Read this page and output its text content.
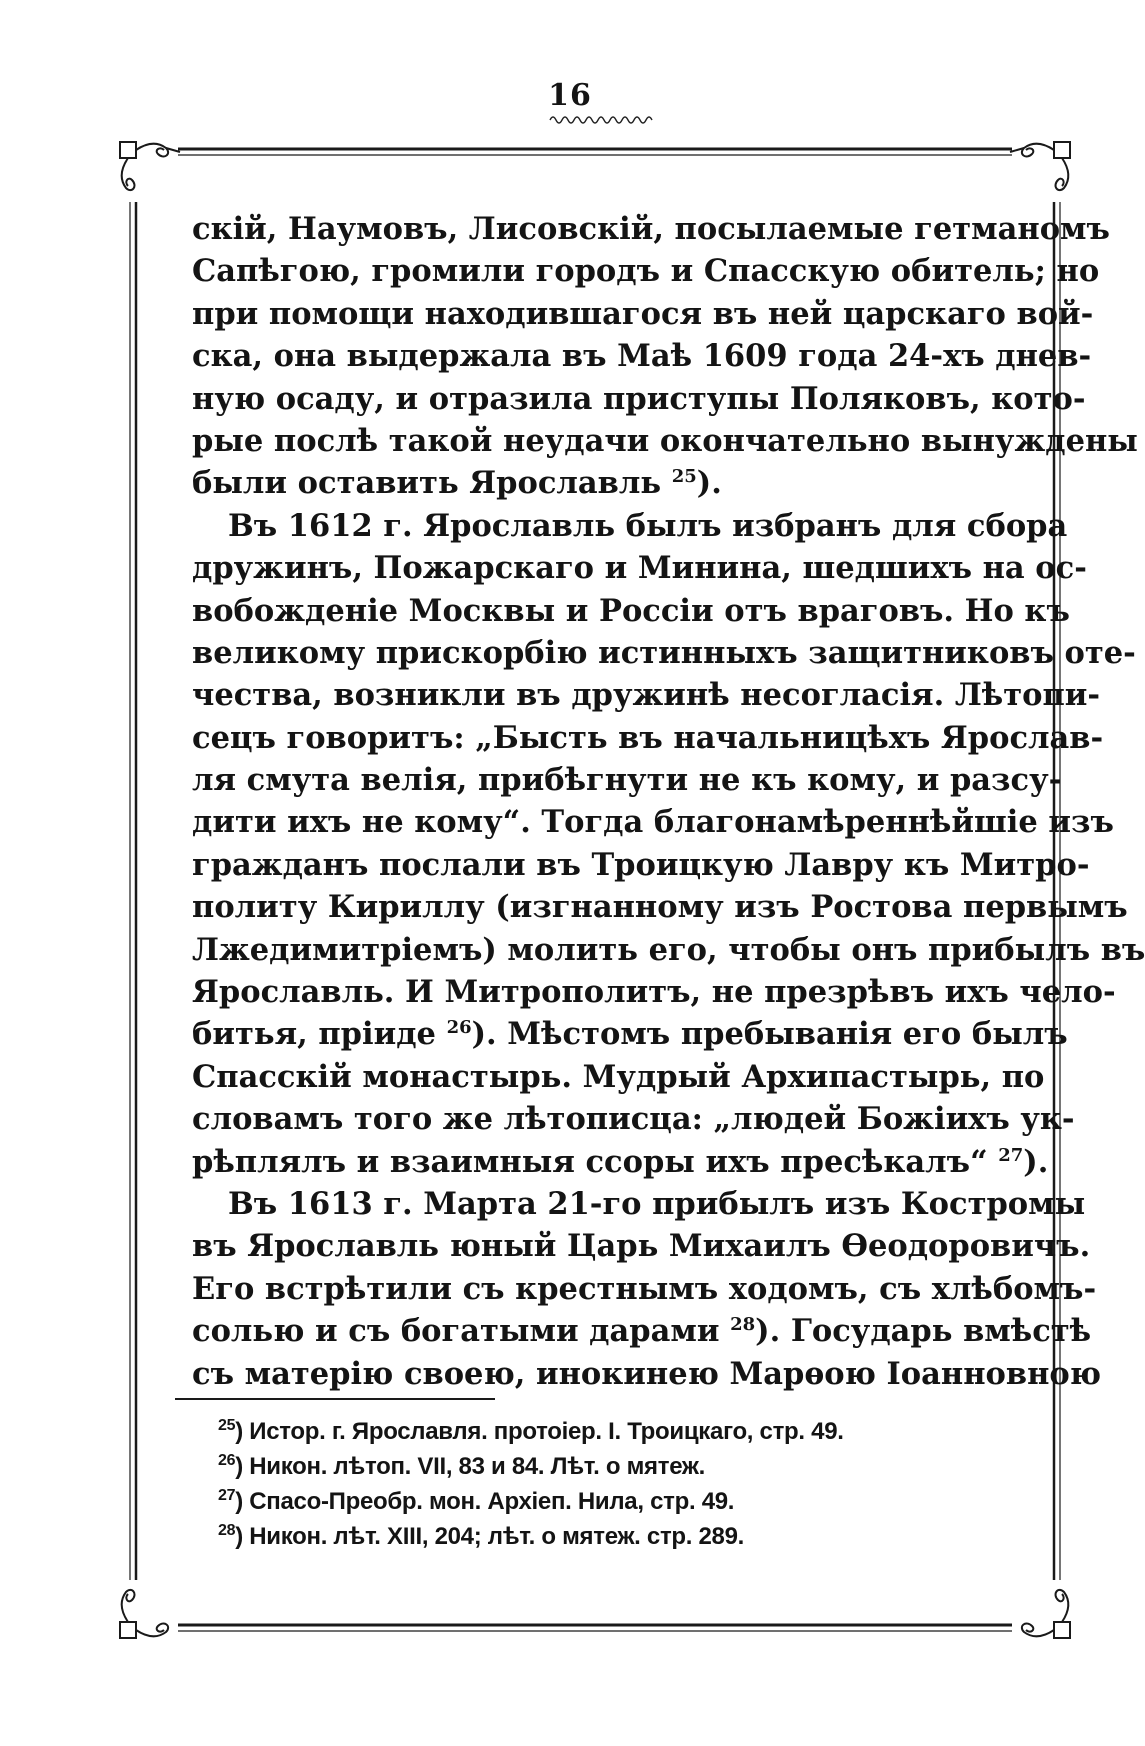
16
скій, Наумовъ, Лисовскій, посылаемые гетманомъ
Сапѣгою, громили городъ и Спасскую обитель; но
при помощи находившагося въ ней царскаго вой-
ска, она выдержала въ Маѣ 1609 года 24-хъ днев-
ную осаду, и отразила приступы Поляковъ, кото-
рые послѣ такой неудачи окончательно вынуждены
были оставить Ярославль $^{25}$).
Въ 1612 г. Ярославль былъ избранъ для сбора
дружинъ, Пожарскаго и Минина, шедшихъ на ос-
вобожденіе Москвы и Россіи отъ враговъ. Но къ
великому прискорбію истинныхъ защитниковъ оте-
чества, возникли въ дружинѣ несогласія. Лѣтопи-
сецъ говоритъ: „Бысть въ начальницѣхъ Ярослав-
ля смута велія, прибѣгнути не къ кому, и разсу-
дити ихъ не кому“. Тогда благонамѣреннѣйшіе изъ
гражданъ послали въ Троицкую Лавру къ Митро-
политу Кириллу (изгнанному изъ Ростова первымъ
Лжедимитріемъ) молить его, чтобы онъ прибылъ въ
Ярославль. И Митрополитъ, не презрѣвъ ихъ чело-
битья, пріиде $^{26}$). Мѣстомъ пребыванія его былъ
Спасскій монастырь. Мудрый Архипастырь, по
словамъ того же лѣтописца: „людей Божіихъ ук-
рѣплялъ и взаимныя ссоры ихъ пресѣкалъ“ $^{27}$).
Въ 1613 г. Марта 21-го прибылъ изъ Костромы
въ Ярославль юный Царь Михаилъ Ѳеодоровичъ.
Его встрѣтили съ крестнымъ ходомъ, съ хлѣбомъ-
солью и съ богатыми дарами $^{28}$). Государь вмѣстѣ
съ матерію своею, инокинею Марѳою Іоанновною
$^{25}$) Истор. г. Ярославля. протоіер. І. Троицкаго, стр. 49.
$^{26}$) Никон. лѣтоп. VII, 83 и 84. Лѣт. о мятеж.
$^{27}$) Спасо-Преобр. мон. Архіеп. Нила, стр. 49.
$^{28}$) Никон. лѣт. XIII, 204; лѣт. о мятеж. стр. 289.
